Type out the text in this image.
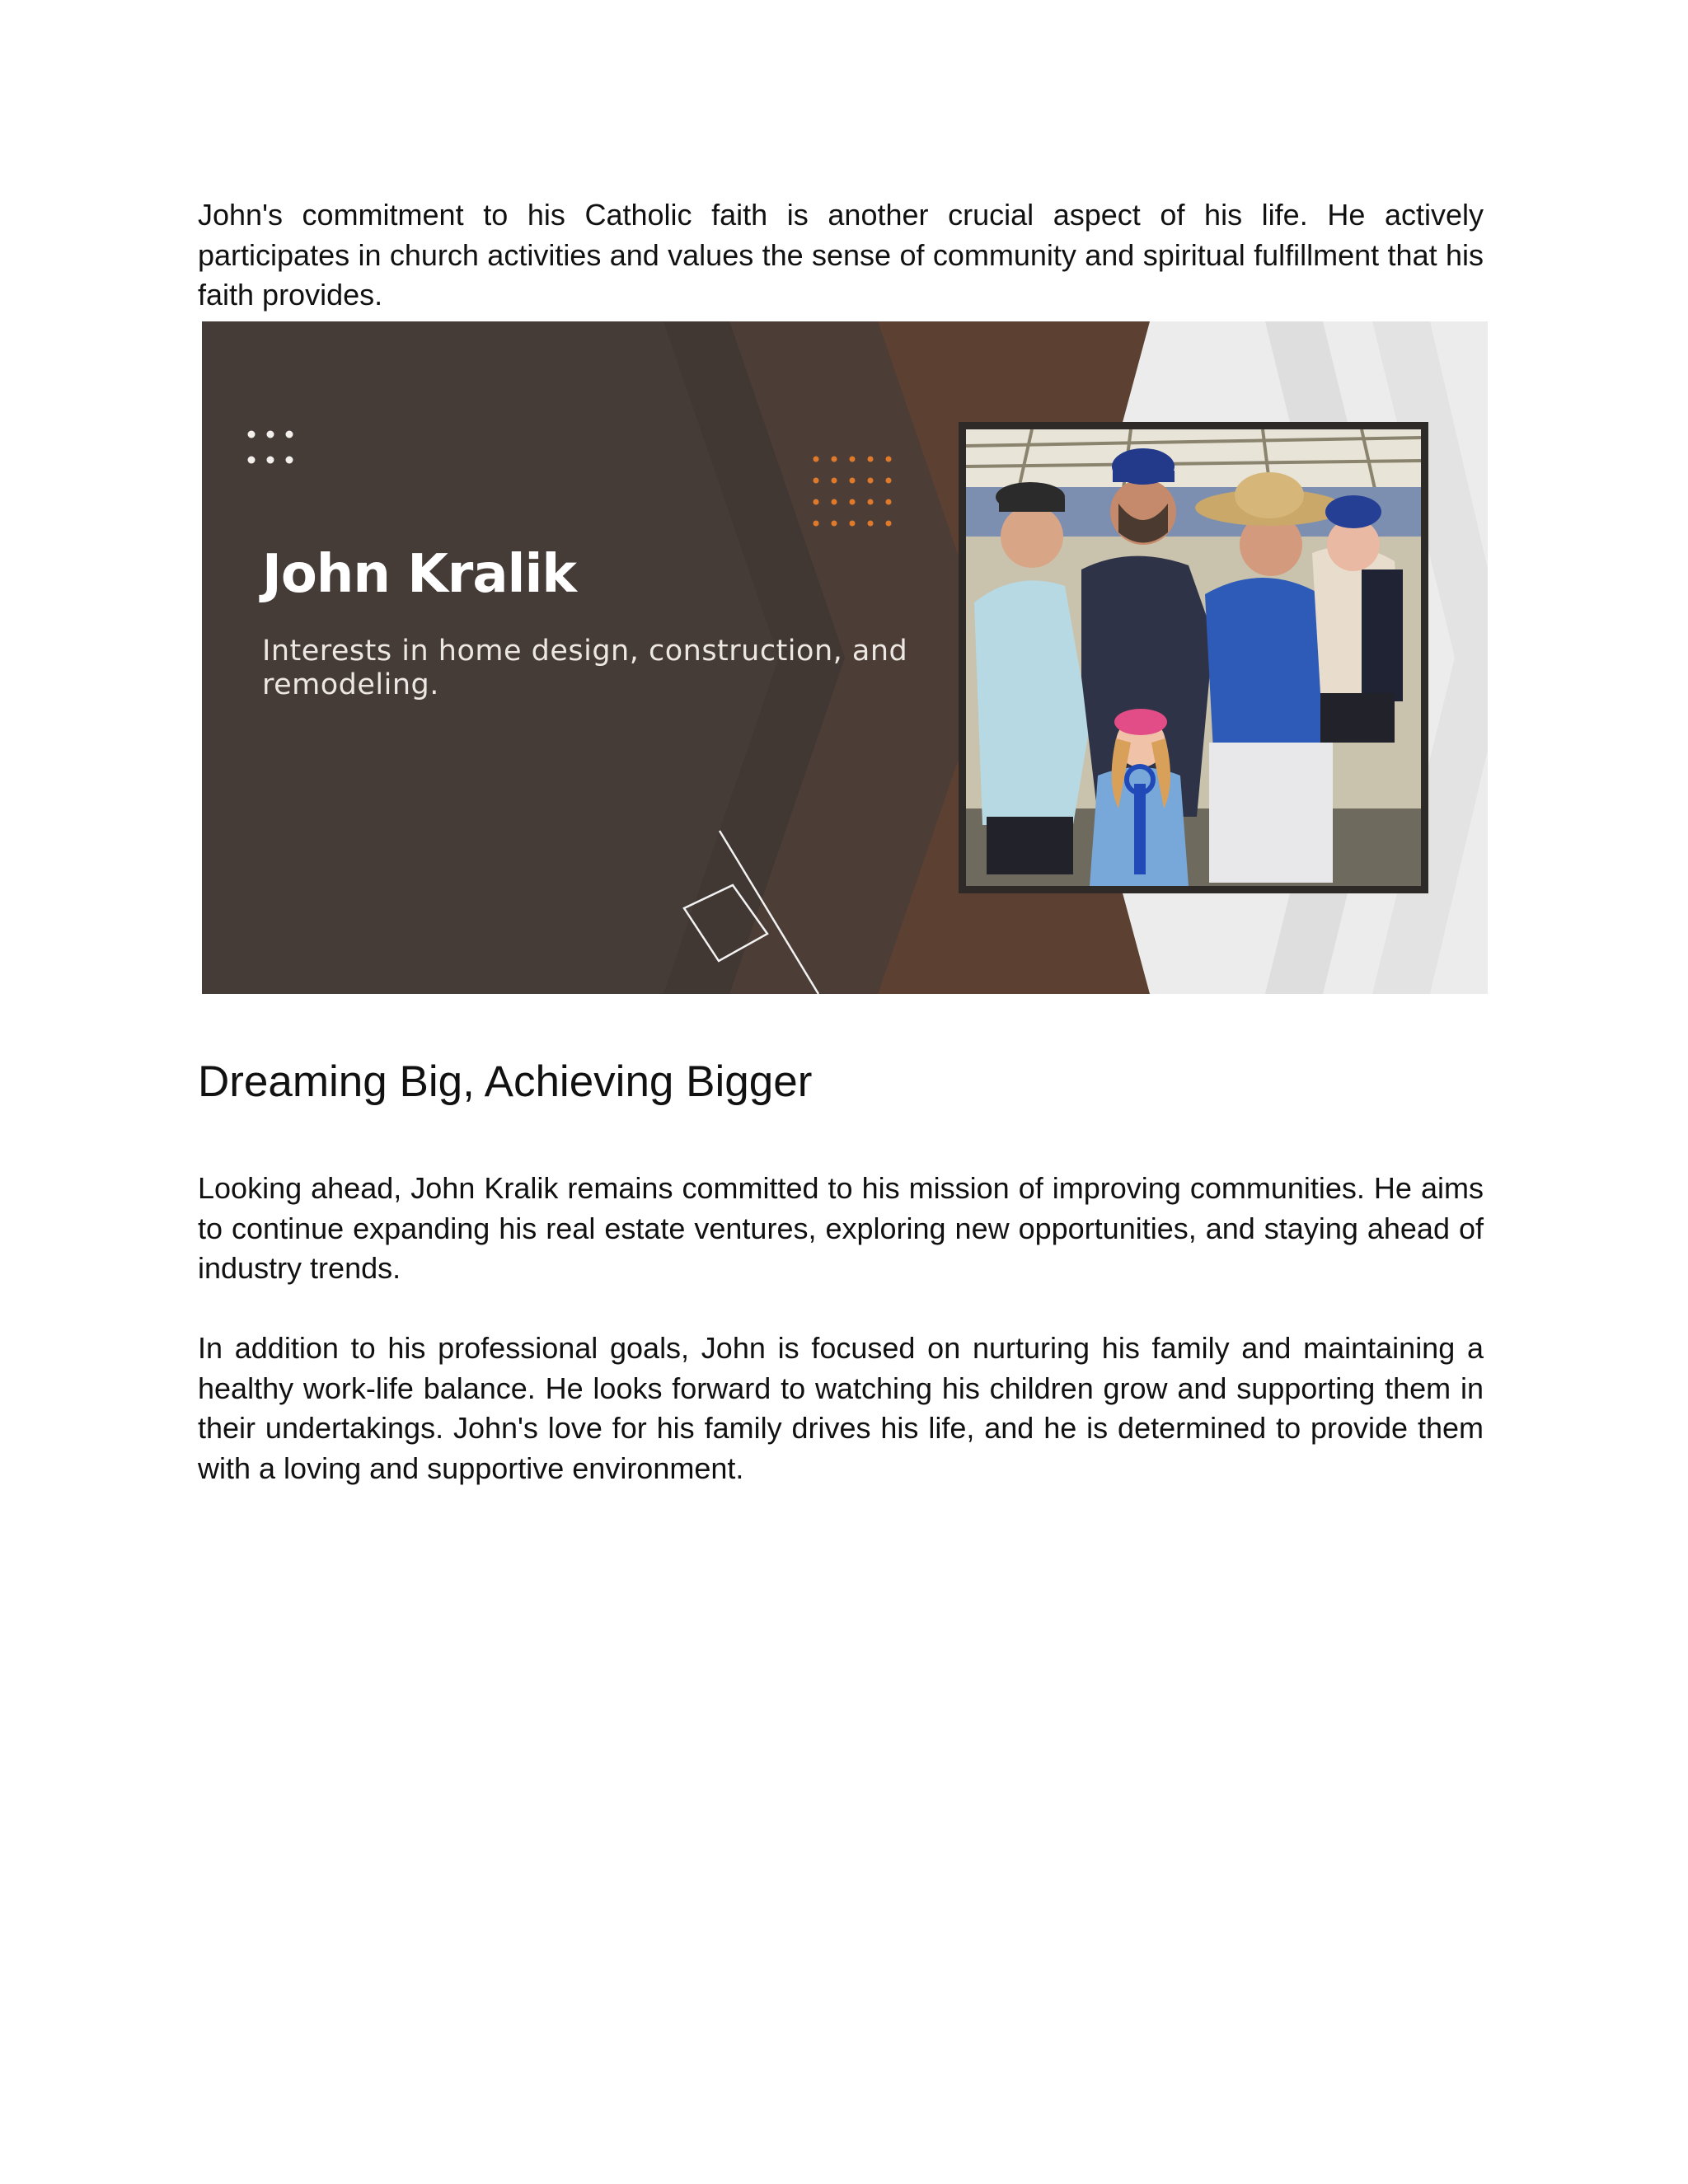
John's commitment to his Catholic faith is another crucial aspect of his life. He actively participates in church activities and values the sense of community and spiritual fulfillment that his faith provides.

John Kralik

Interests in home design, construction, and remodeling.

Dreaming Big, Achieving Bigger

Looking ahead, John Kralik remains committed to his mission of improving communities. He aims to continue expanding his real estate ventures, exploring new opportunities, and staying ahead of industry trends.

In addition to his professional goals, John is focused on nurturing his family and maintaining a healthy work-life balance. He looks forward to watching his children grow and supporting them in their undertakings. John's love for his family drives his life, and he is determined to provide them with a loving and supportive environment.
